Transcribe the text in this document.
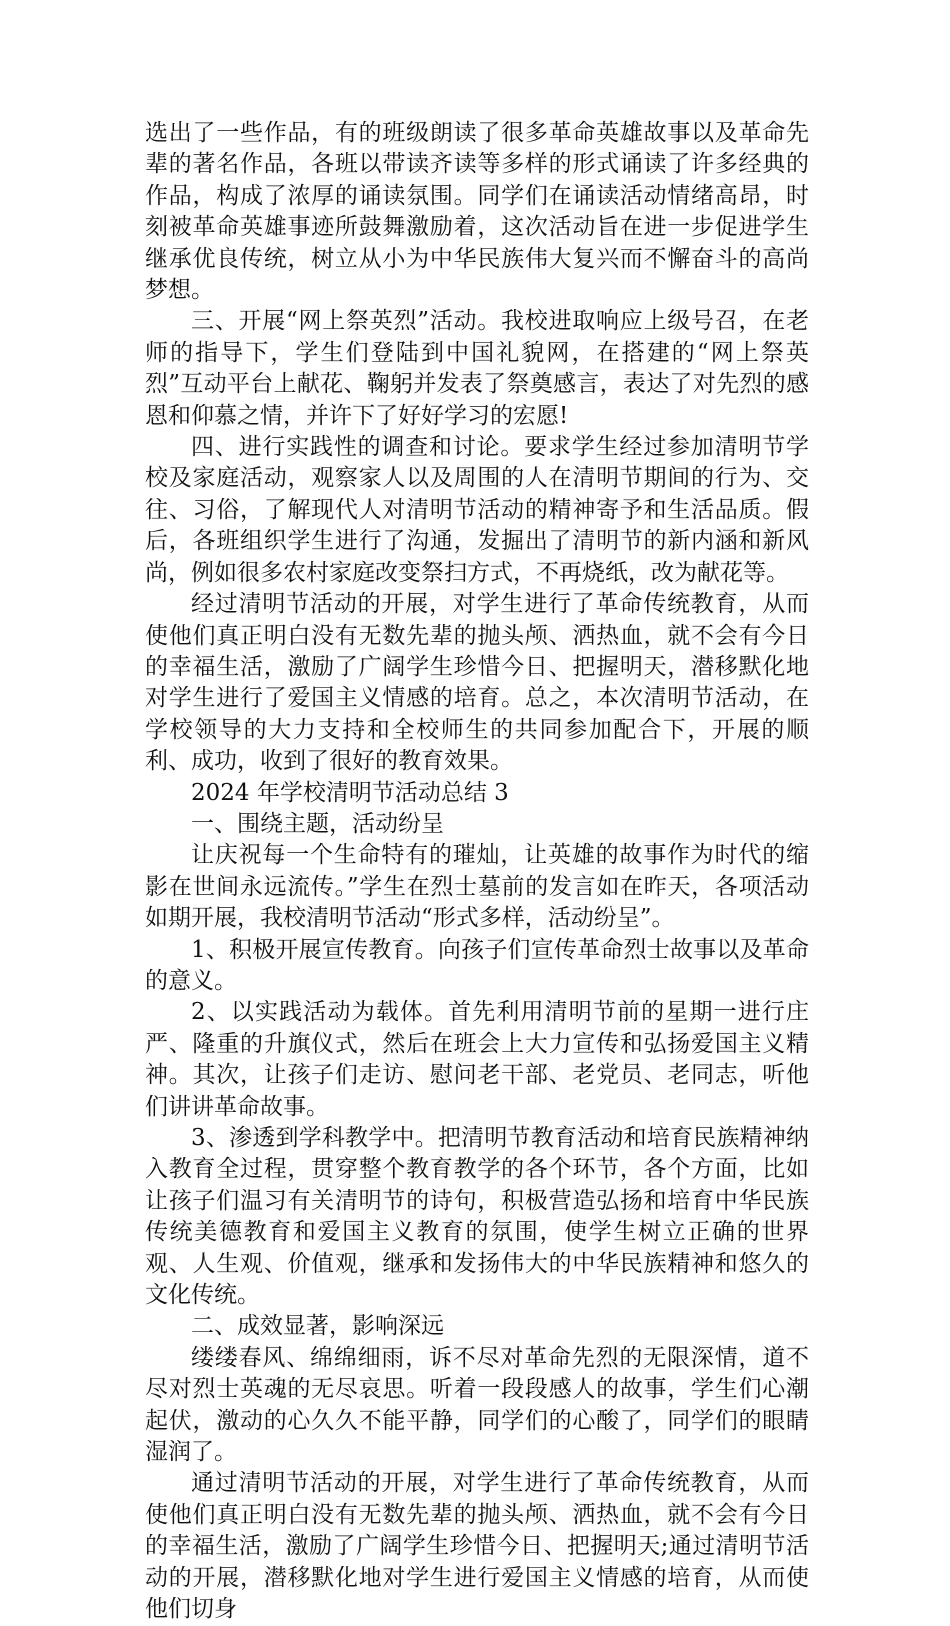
选出了一些作品，有的班级朗读了很多革命英雄故事以及革命先辈的著名作品，各班以带读齐读等多样的形式诵读了许多经典的作品，构成了浓厚的诵读氛围。同学们在诵读活动情绪高昂，时刻被革命英雄事迹所鼓舞激励着，这次活动旨在进一步促进学生继承优良传统，树立从小为中华民族伟大复兴而不懈奋斗的高尚梦想。

三、开展“网上祭英烈”活动。我校进取响应上级号召，在老师的指导下，学生们登陆到中国礼貌网，在搭建的“网上祭英烈”互动平台上献花、鞠躬并发表了祭奠感言，表达了对先烈的感恩和仰慕之情，并许下了好好学习的宏愿!

四、进行实践性的调查和讨论。要求学生经过参加清明节学校及家庭活动，观察家人以及周围的人在清明节期间的行为、交往、习俗，了解现代人对清明节活动的精神寄予和生活品质。假后，各班组织学生进行了沟通，发掘出了清明节的新内涵和新风尚，例如很多农村家庭改变祭扫方式，不再烧纸，改为献花等。

经过清明节活动的开展，对学生进行了革命传统教育，从而使他们真正明白没有无数先辈的抛头颅、洒热血，就不会有今日的幸福生活，激励了广阔学生珍惜今日、把握明天，潜移默化地对学生进行了爱国主义情感的培育。总之，本次清明节活动，在学校领导的大力支持和全校师生的共同参加配合下，开展的顺利、成功，收到了很好的教育效果。

2024 年学校清明节活动总结 3

一、围绕主题，活动纷呈

让庆祝每一个生命特有的璀灿，让英雄的故事作为时代的缩影在世间永远流传。”学生在烈士墓前的发言如在昨天，各项活动如期开展，我校清明节活动“形式多样，活动纷呈”。

1、积极开展宣传教育。向孩子们宣传革命烈士故事以及革命的意义。

2、以实践活动为载体。首先利用清明节前的星期一进行庄严、隆重的升旗仪式，然后在班会上大力宣传和弘扬爱国主义精神。其次，让孩子们走访、慰问老干部、老党员、老同志，听他们讲讲革命故事。

3、渗透到学科教学中。把清明节教育活动和培育民族精神纳入教育全过程，贯穿整个教育教学的各个环节，各个方面，比如让孩子们温习有关清明节的诗句，积极营造弘扬和培育中华民族传统美德教育和爱国主义教育的氛围，使学生树立正确的世界观、人生观、价值观，继承和发扬伟大的中华民族精神和悠久的文化传统。

二、成效显著，影响深远

缕缕春风、绵绵细雨，诉不尽对革命先烈的无限深情，道不尽对烈士英魂的无尽哀思。听着一段段感人的故事，学生们心潮起伏，激动的心久久不能平静，同学们的心酸了，同学们的眼睛湿润了。

通过清明节活动的开展，对学生进行了革命传统教育，从而使他们真正明白没有无数先辈的抛头颅、洒热血，就不会有今日的幸福生活，激励了广阔学生珍惜今日、把握明天;通过清明节活动的开展，潜移默化地对学生进行爱国主义情感的培育，从而使他们切身
